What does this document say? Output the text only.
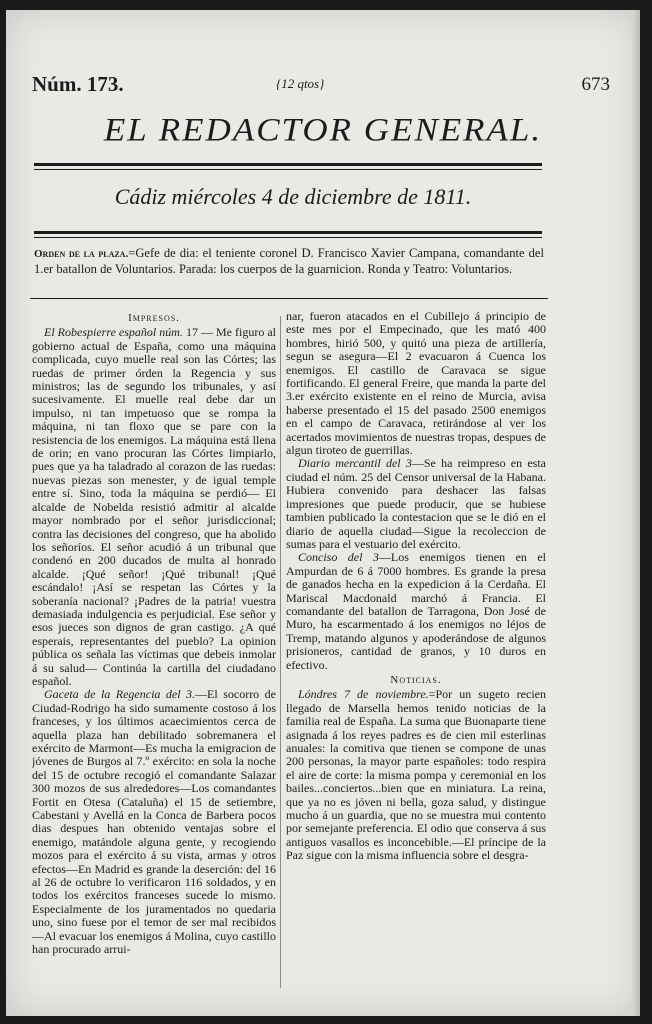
Núm. 173.	{12 qtos}	673
EL REDACTOR GENERAL.
Cádiz miércoles 4 de diciembre de 1811.
Orden de la plaza.=Gefe de dia: el teniente coronel D. Francisco Xavier Campana, comandante del 1.er batallon de Voluntarios. Parada: los cuerpos de la guarnicion. Ronda y Teatro: Voluntarios.

Impresos.

El Robespierre español núm. 17 — Me figuro al gobierno actual de España, como una máquina complicada, cuyo muelle real son las Córtes; las ruedas de primer órden la Regencia y sus ministros; las de segundo los tribunales, y así sucesivamente. El muelle real debe dar un impulso, ni tan impetuoso que se rompa la máquina, ni tan floxo que se pare con la resistencia de los enemigos. La máquina está llena de orin; en vano procuran las Córtes limpiarlo, pues que ya ha taladrado al corazon de las ruedas: nuevas piezas son menester, y de igual temple entre sí. Sino, toda la máquina se perdió— El alcalde de Nobelda resistió admitir al alcalde mayor nombrado por el señor jurisdiccional; contra las decisiones del congreso, que ha abolido los señoríos. El señor acudió á un tribunal que condenó en 200 ducados de multa al honrado alcalde. ¡Qué señor! ¡Qué tribunal! ¡Qué escándalo! ¡Así se respetan las Córtes y la soberanía nacional? ¡Padres de la patria! vuestra demasiada indulgencia es perjudicial. Ese señor y esos jueces son dignos de gran castigo. ¿A qué esperais, representantes del pueblo? La opinion pública os señala las víctimas que debeis inmolar á su salud— Continúa la cartilla del ciudadano español.

Gaceta de la Regencia del 3.—El socorro de Ciudad-Rodrigo ha sido sumamente costoso á los franceses, y los últimos acaecimientos cerca de aquella plaza han debilitado sobremanera el exército de Marmont—Es mucha la emigracion de jóvenes de Burgos al 7.º exército: en sola la noche del 15 de octubre recogió el comandante Salazar 300 mozos de sus alrededores—Los comandantes Fortit en Otesa (Cataluña) el 15 de setiembre, Cabestani y Avellá en la Conca de Barbera pocos dias despues han obtenido ventajas sobre el enemigo, matándole alguna gente, y recogiendo mozos para el exército á su vista, armas y otros efectos—En Madrid es grande la deserción: del 16 al 26 de octubre lo verificaron 116 soldados, y en todos los exércitos franceses sucede lo mismo. Especialmente de los juramentados no quedaria uno, sino fuese por el temor de ser mal recibidos—Al evacuar los enemigos á Molina, cuyo castillo han procurado arrui-

nar, fueron atacados en el Cubillejo á principio de este mes por el Empecinado, que les mató 400 hombres, hirió 500, y quitó una pieza de artillería, segun se asegura—El 2 evacuaron á Cuenca los enemigos. El castillo de Caravaca se sigue fortificando. El general Freire, que manda la parte del 3.er exército existente en el reino de Murcia, avisa haberse presentado el 15 del pasado 2500 enemigos en el campo de Caravaca, retirándose al ver los acertados movimientos de nuestras tropas, despues de algun tiroteo de guerrillas.

Diario mercantil del 3—Se ha reimpreso en esta ciudad el núm. 25 del Censor universal de la Habana. Hubiera convenido para deshacer las falsas impresiones que puede producir, que se hubiese tambien publicado la contestacion que se le dió en el diario de aquella ciudad—Sigue la recoleccion de sumas para el vestuario del exército.

Conciso del 3—Los enemigos tienen en el Ampurdan de 6 á 7000 hombres. Es grande la presa de ganados hecha en la expedicion á la Cerdaña. El Mariscal Macdonald marchó á Francia. El comandante del batallon de Tarragona, Don José de Muro, ha escarmentado á los enemigos no léjos de Tremp, matando algunos y apoderándose de algunos prisioneros, cantidad de granos, y 10 duros en efectivo.

Noticias.

Lóndres 7 de noviembre.=Por un sugeto recien llegado de Marsella hemos tenido noticias de la familia real de España. La suma que Buonaparte tiene asignada á los reyes padres es de cien mil esterlinas anuales: la comitiva que tienen se compone de unas 200 personas, la mayor parte españoles: todo respira el aire de corte: la misma pompa y ceremonial en los bailes...conciertos...bien que en miniatura. La reina, que ya no es jóven ni bella, goza salud, y distingue mucho á un guardia, que no se muestra mui contento por semejante preferencia. El odio que conserva á sus antiguos vasallos es inconcebible.—El príncipe de la Paz sigue con la misma influencia sobre el desgra-
